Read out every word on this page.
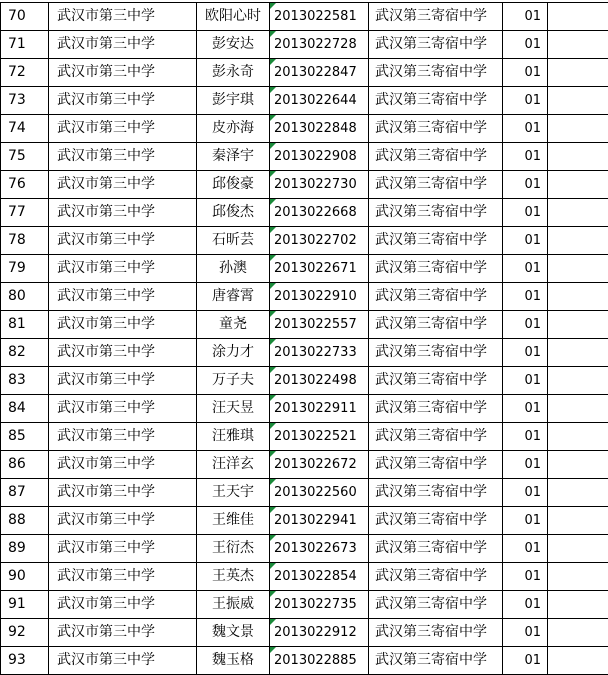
70	武汉市第三中学	欧阳心时	2013022581	武汉第三寄宿中学	01	
71	武汉市第三中学	彭安达	2013022728	武汉第三寄宿中学	01	
72	武汉市第三中学	彭永奇	2013022847	武汉第三寄宿中学	01	
73	武汉市第三中学	彭宇琪	2013022644	武汉第三寄宿中学	01	
74	武汉市第三中学	皮亦海	2013022848	武汉第三寄宿中学	01	
75	武汉市第三中学	秦泽宇	2013022908	武汉第三寄宿中学	01	
76	武汉市第三中学	邱俊豪	2013022730	武汉第三寄宿中学	01	
77	武汉市第三中学	邱俊杰	2013022668	武汉第三寄宿中学	01	
78	武汉市第三中学	石昕芸	2013022702	武汉第三寄宿中学	01	
79	武汉市第三中学	孙澳	2013022671	武汉第三寄宿中学	01	
80	武汉市第三中学	唐睿霄	2013022910	武汉第三寄宿中学	01	
81	武汉市第三中学	童尧	2013022557	武汉第三寄宿中学	01	
82	武汉市第三中学	涂力才	2013022733	武汉第三寄宿中学	01	
83	武汉市第三中学	万子夫	2013022498	武汉第三寄宿中学	01	
84	武汉市第三中学	汪天昱	2013022911	武汉第三寄宿中学	01	
85	武汉市第三中学	汪雅琪	2013022521	武汉第三寄宿中学	01	
86	武汉市第三中学	汪洋玄	2013022672	武汉第三寄宿中学	01	
87	武汉市第三中学	王天宇	2013022560	武汉第三寄宿中学	01	
88	武汉市第三中学	王维佳	2013022941	武汉第三寄宿中学	01	
89	武汉市第三中学	王衍杰	2013022673	武汉第三寄宿中学	01	
90	武汉市第三中学	王英杰	2013022854	武汉第三寄宿中学	01	
91	武汉市第三中学	王振威	2013022735	武汉第三寄宿中学	01	
92	武汉市第三中学	魏文景	2013022912	武汉第三寄宿中学	01	
93	武汉市第三中学	魏玉格	2013022885	武汉第三寄宿中学	01	
